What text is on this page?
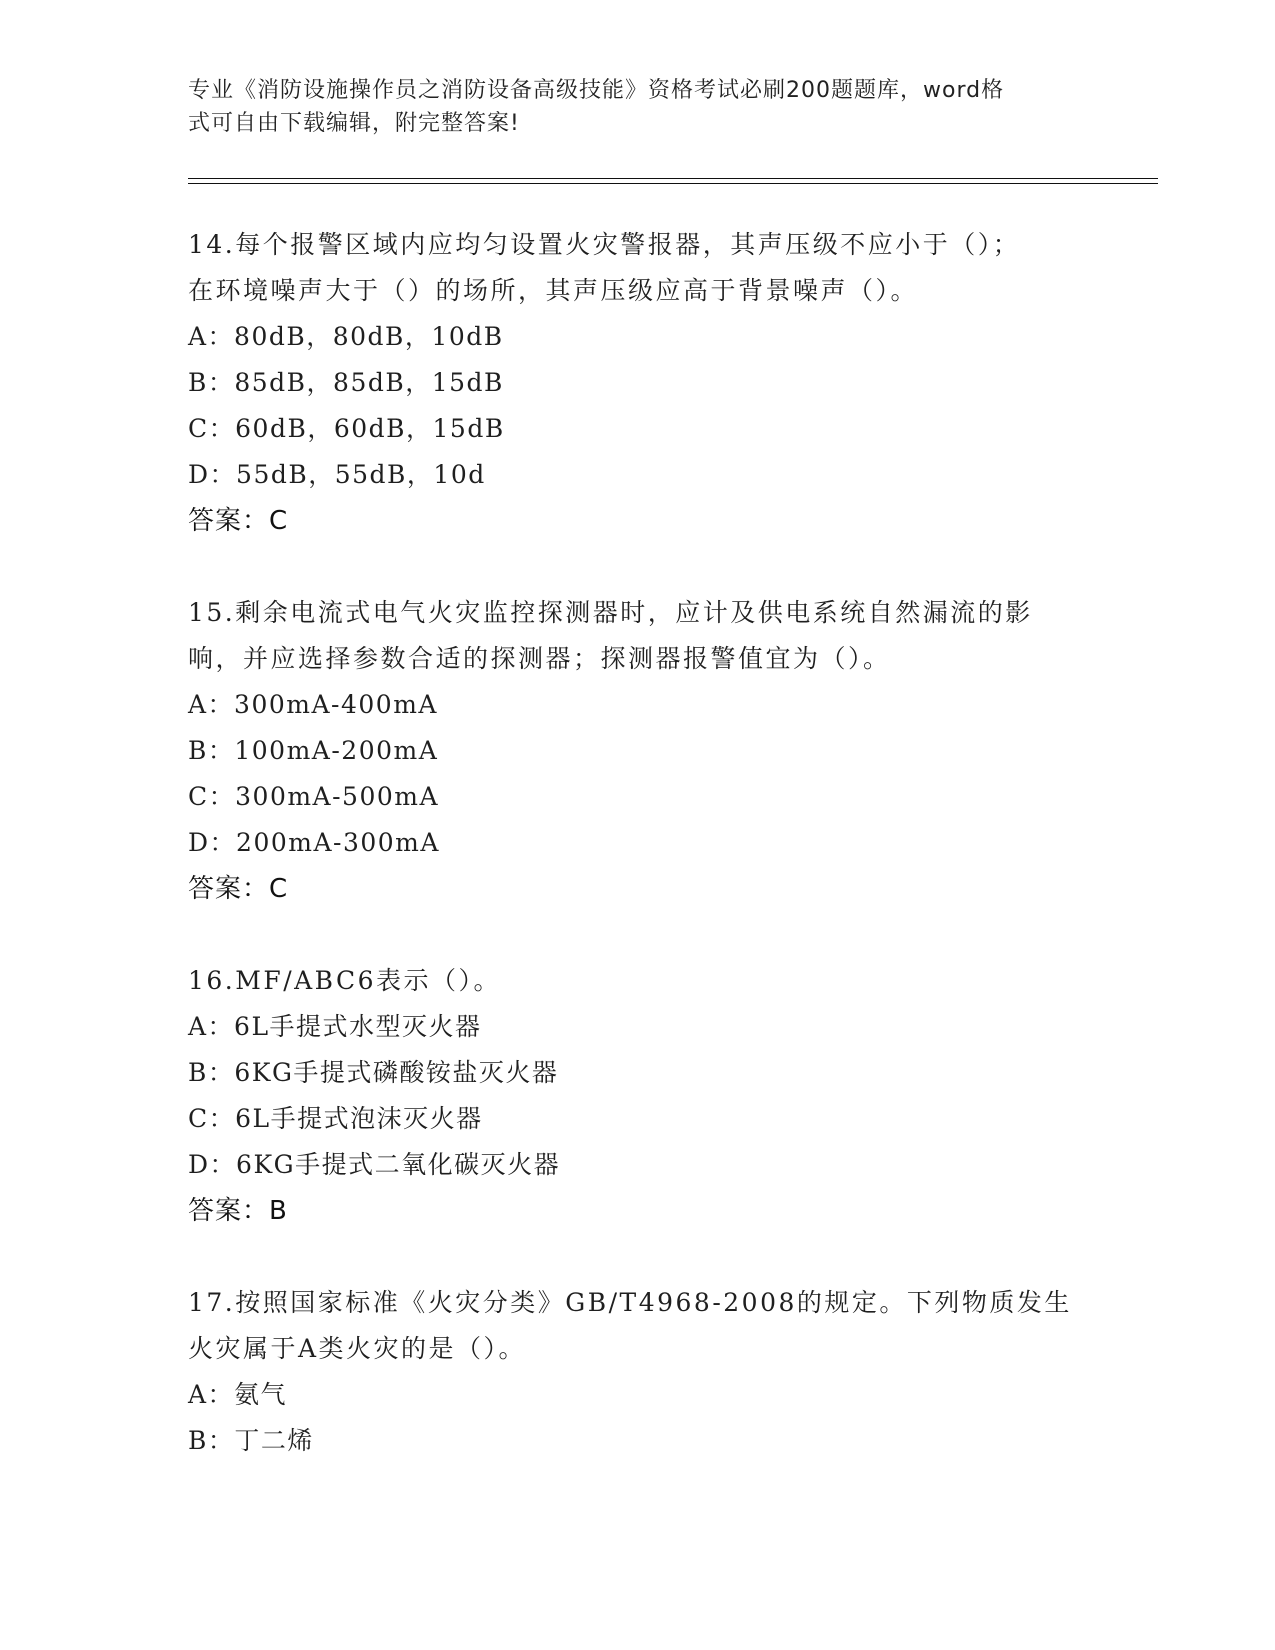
专业《消防设施操作员之消防设备高级技能》资格考试必刷200题题库，word格
式可自由下载编辑，附完整答案!

14.每个报警区域内应均匀设置火灾警报器，其声压级不应小于（）；

在环境噪声大于（）的场所，其声压级应高于背景噪声（）。

A：80dB，80dB，10dB

B：85dB，85dB，15dB

C：60dB，60dB，15dB

D：55dB，55dB，10d

答案：C

15.剩余电流式电气火灾监控探测器时，应计及供电系统自然漏流的影

响，并应选择参数合适的探测器；探测器报警值宜为（）。

A：300mA-400mA

B：100mA-200mA

C：300mA-500mA

D：200mA-300mA

答案：C

16.MF/ABC6表示（）。

A：6L手提式水型灭火器

B：6KG手提式磷酸铵盐灭火器

C：6L手提式泡沫灭火器

D：6KG手提式二氧化碳灭火器

答案：B

17.按照国家标准《火灾分类》GB/T4968-2008的规定。下列物质发生

火灾属于A类火灾的是（）。

A：氨气

B：丁二烯
